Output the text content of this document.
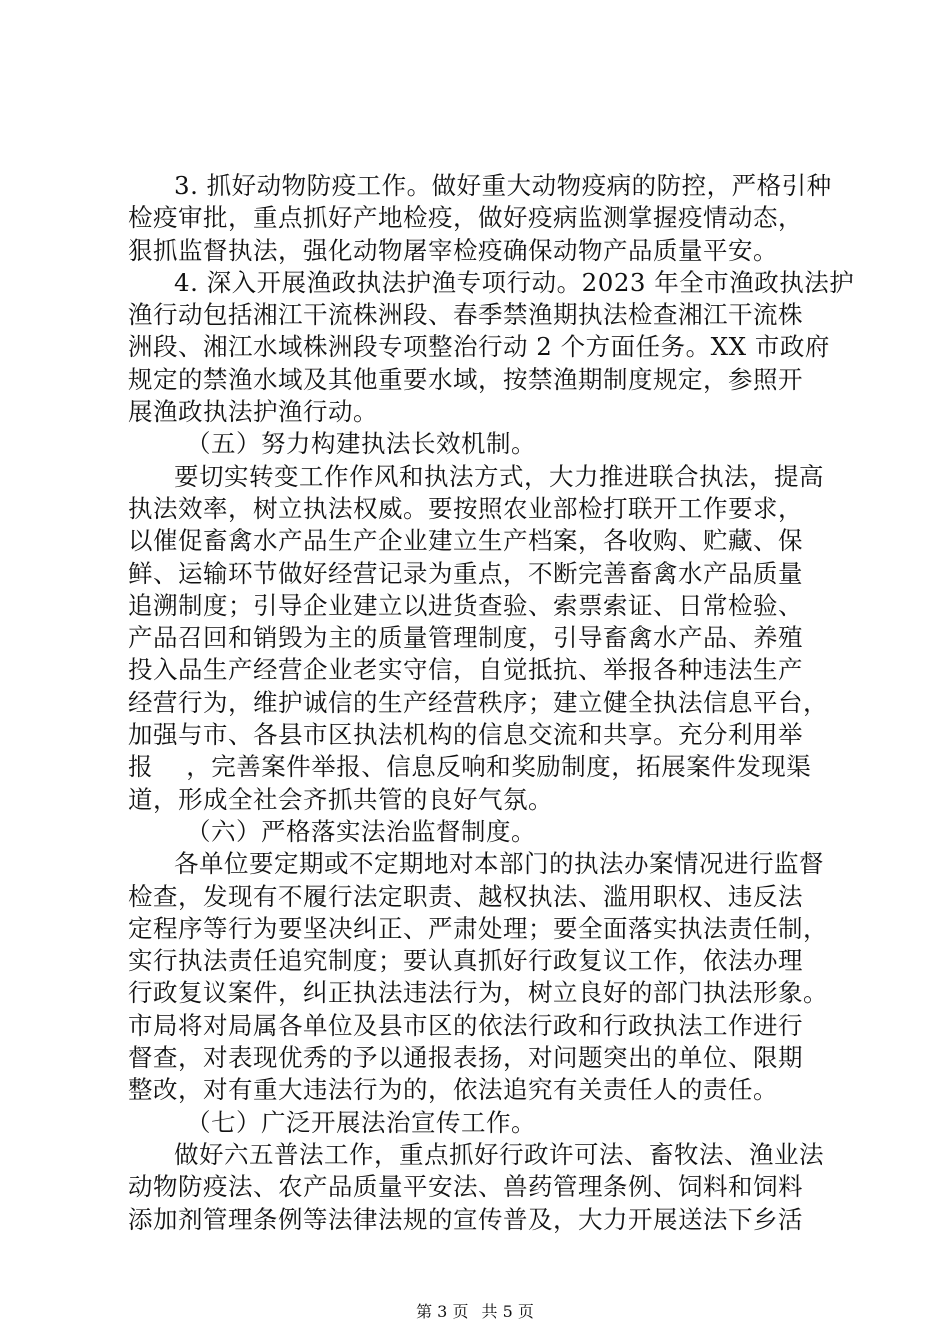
3. 抓好动物防疫工作。做好重大动物疫病的防控，严格引种
检疫审批，重点抓好产地检疫，做好疫病监测掌握疫情动态，
狠抓监督执法，强化动物屠宰检疫确保动物产品质量平安。
4. 深入开展渔政执法护渔专项行动。2023 年全市渔政执法护
渔行动包括湘江干流株洲段、春季禁渔期执法检查湘江干流株
洲段、湘江水域株洲段专项整治行动 2 个方面任务。XX 市政府
规定的禁渔水域及其他重要水域，按禁渔期制度规定，参照开
展渔政执法护渔行动。
（五）努力构建执法长效机制。
要切实转变工作作风和执法方式，大力推进联合执法，提高
执法效率，树立执法权威。要按照农业部检打联开工作要求，
以催促畜禽水产品生产企业建立生产档案，各收购、贮藏、保
鲜、运输环节做好经营记录为重点，不断完善畜禽水产品质量
追溯制度；引导企业建立以进货查验、索票索证、日常检验、
产品召回和销毁为主的质量管理制度，引导畜禽水产品、养殖
投入品生产经营企业老实守信，自觉抵抗、举报各种违法生产
经营行为，维护诚信的生产经营秩序；建立健全执法信息平台，
加强与市、各县市区执法机构的信息交流和共享。充分利用举
报　 ，完善案件举报、信息反响和奖励制度，拓展案件发现渠
道，形成全社会齐抓共管的良好气氛。
（六）严格落实法治监督制度。
各单位要定期或不定期地对本部门的执法办案情况进行监督
检查，发现有不履行法定职责、越权执法、滥用职权、违反法
定程序等行为要坚决纠正、严肃处理；要全面落实执法责任制，
实行执法责任追究制度；要认真抓好行政复议工作，依法办理
行政复议案件，纠正执法违法行为，树立良好的部门执法形象。
市局将对局属各单位及县市区的依法行政和行政执法工作进行
督查，对表现优秀的予以通报表扬，对问题突出的单位、限期
整改，对有重大违法行为的，依法追究有关责任人的责任。
（七）广泛开展法治宣传工作。
做好六五普法工作，重点抓好行政许可法、畜牧法、渔业法
动物防疫法、农产品质量平安法、兽药管理条例、饲料和饲料
添加剂管理条例等法律法规的宣传普及，大力开展送法下乡活
第 3 页 共 5 页
